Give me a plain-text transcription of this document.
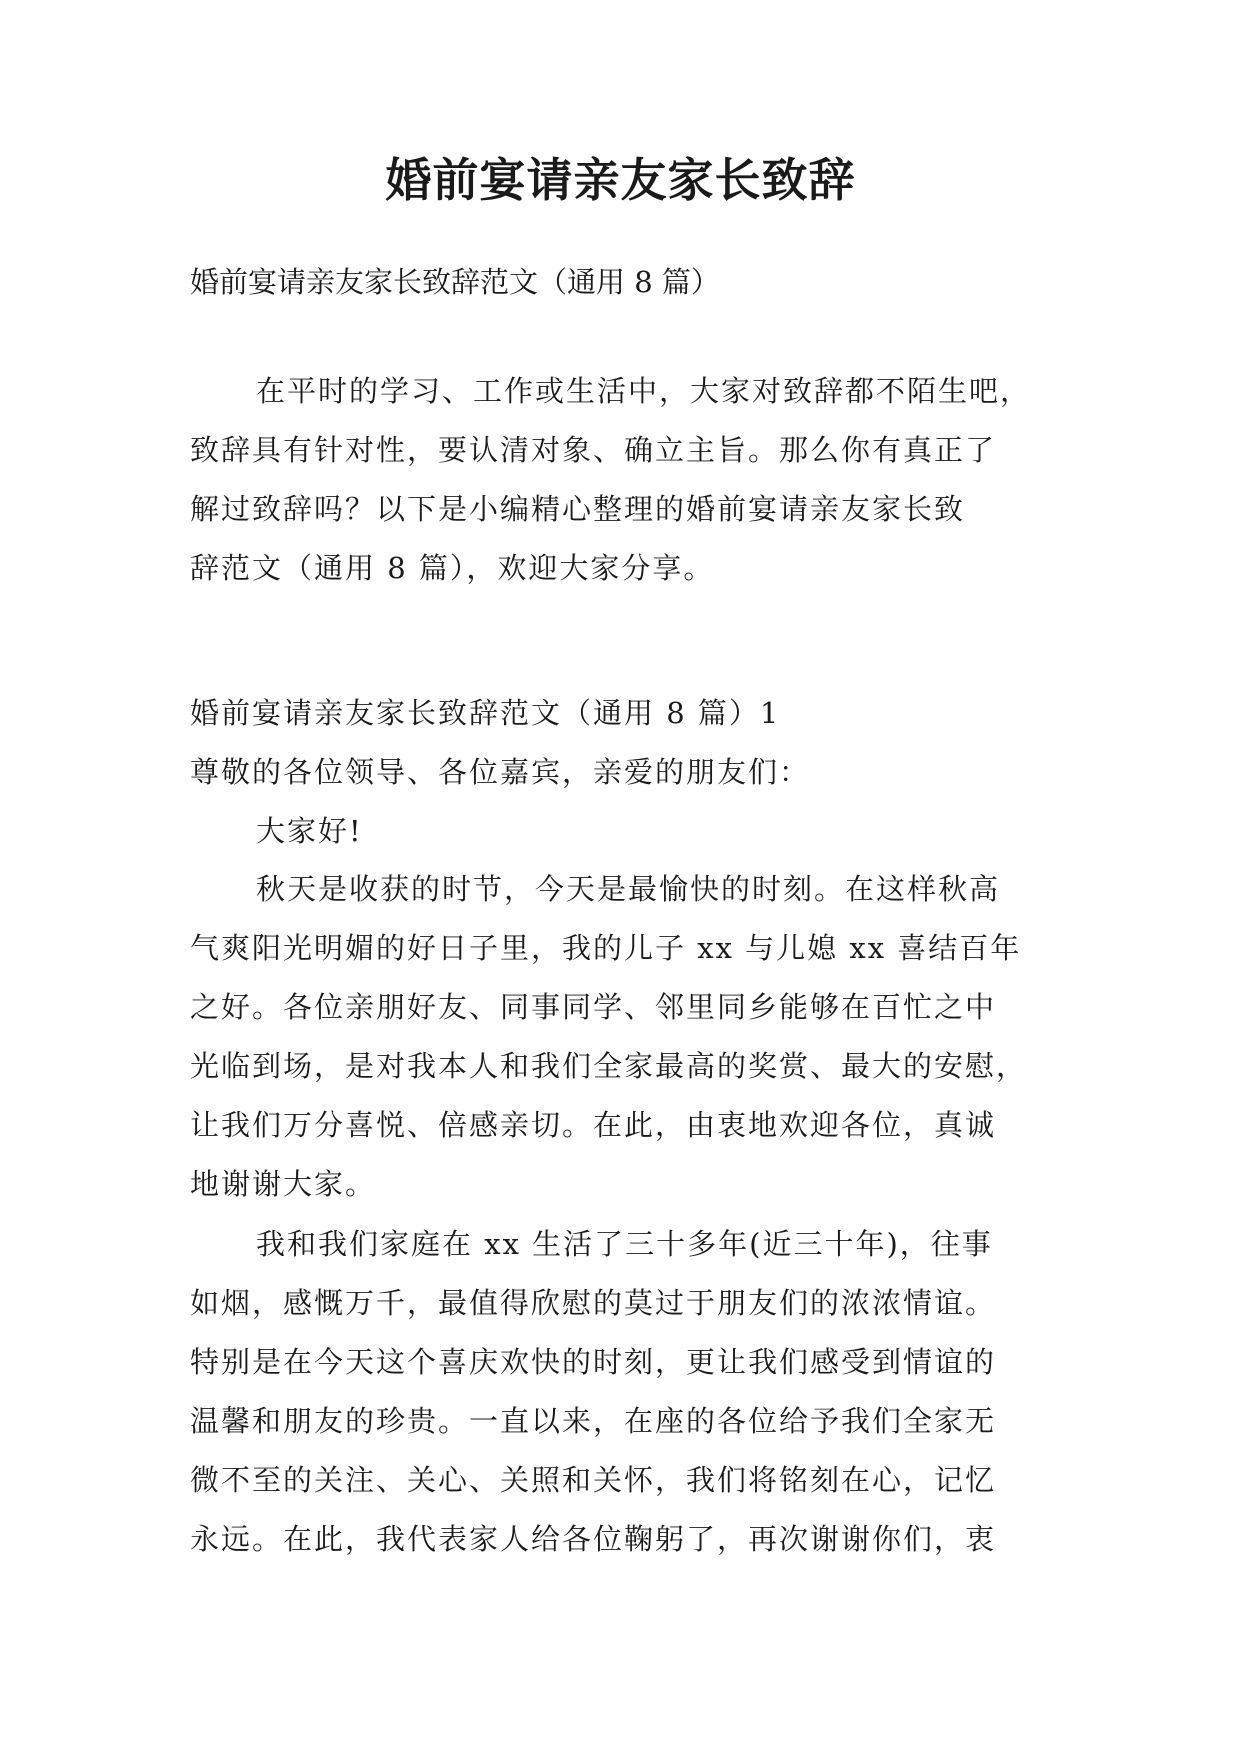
婚前宴请亲友家长致辞

婚前宴请亲友家长致辞范文（通用 8 篇）

在平时的学习、工作或生活中，大家对致辞都不陌生吧，
致辞具有针对性，要认清对象、确立主旨。那么你有真正了
解过致辞吗？以下是小编精心整理的婚前宴请亲友家长致
辞范文（通用 8 篇），欢迎大家分享。

婚前宴请亲友家长致辞范文（通用 8 篇）1

尊敬的各位领导、各位嘉宾，亲爱的朋友们：

大家好!

秋天是收获的时节，今天是最愉快的时刻。在这样秋高
气爽阳光明媚的好日子里，我的儿子 xx 与儿媳 xx 喜结百年
之好。各位亲朋好友、同事同学、邻里同乡能够在百忙之中
光临到场，是对我本人和我们全家最高的奖赏、最大的安慰，
让我们万分喜悦、倍感亲切。在此，由衷地欢迎各位，真诚
地谢谢大家。
我和我们家庭在 xx 生活了三十多年(近三十年)，往事
如烟，感慨万千，最值得欣慰的莫过于朋友们的浓浓情谊。
特别是在今天这个喜庆欢快的时刻，更让我们感受到情谊的
温馨和朋友的珍贵。一直以来，在座的各位给予我们全家无
微不至的关注、关心、关照和关怀，我们将铭刻在心，记忆
永远。在此，我代表家人给各位鞠躬了，再次谢谢你们，衷
